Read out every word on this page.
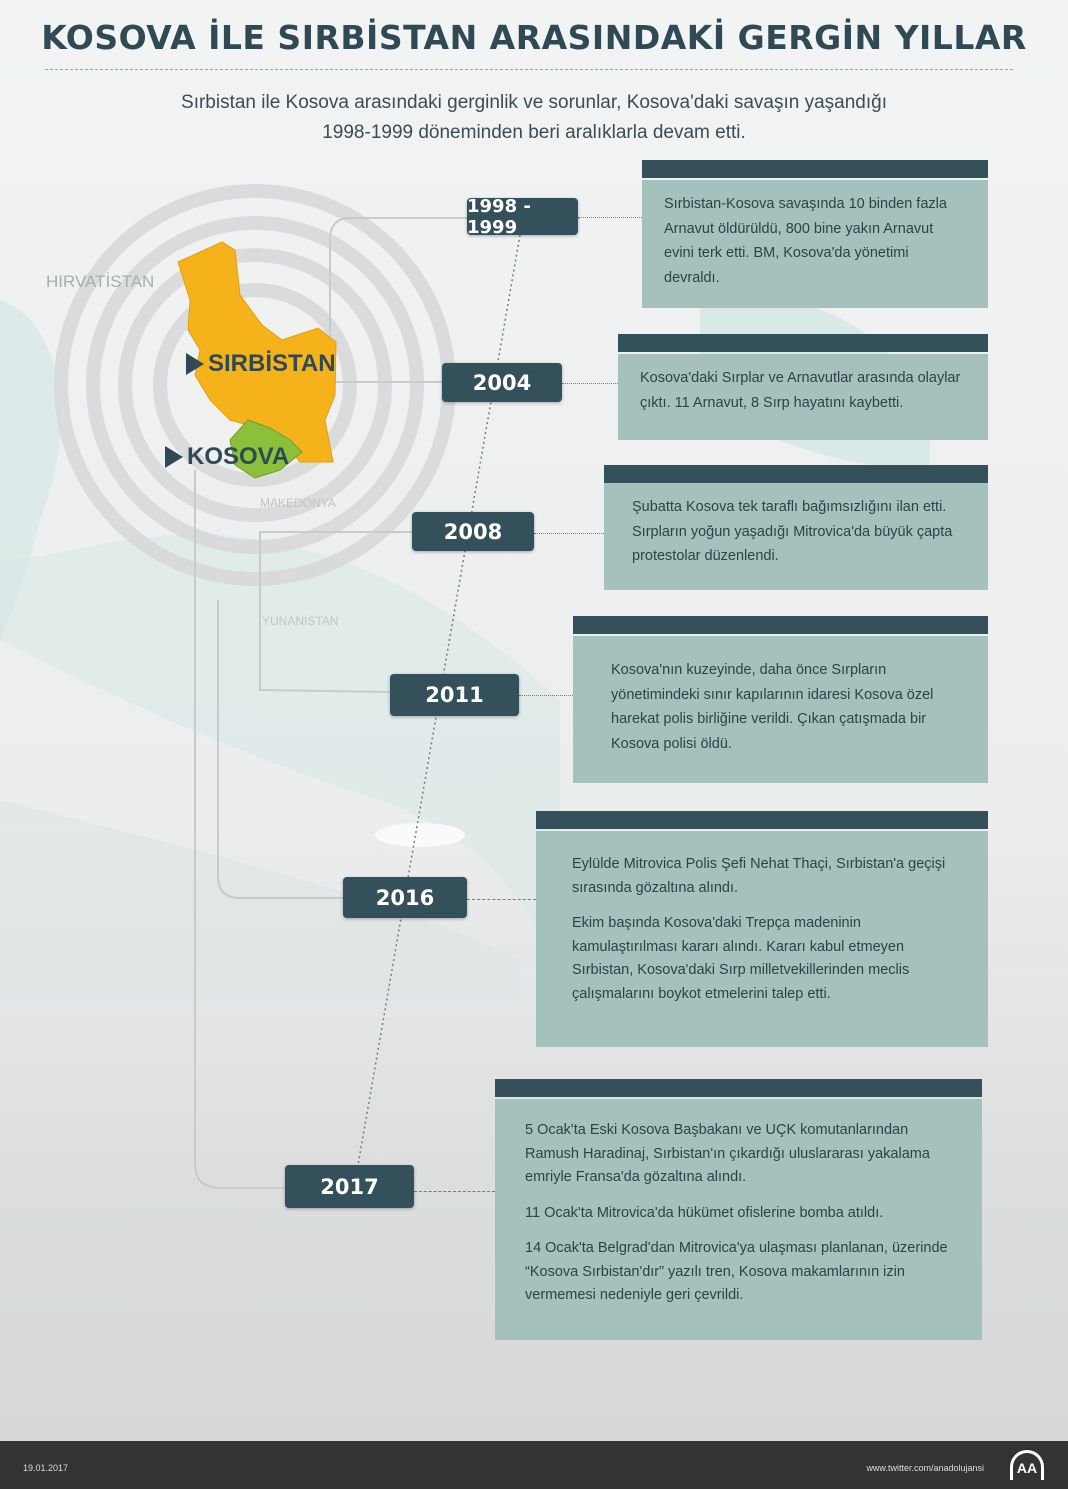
HIRVATİSTAN
MAKEDONYA
YUNANİSTAN
SIRBİSTAN
KOSOVA
KOSOVA İLE SIRBİSTAN ARASINDAKİ GERGİN YILLAR
Sırbistan ile Kosova arasındaki gerginlik ve sorunlar, Kosova'daki savaşın yaşandığı
1998-1999 döneminden beri aralıklarla devam etti.

Sırbistan-Kosova savaşında 10 binden fazla Arnavut öldürüldü, 800 bine yakın Arnavut evini terk etti. BM, Kosova'da yönetimi devraldı.

1998 - 1999

Kosova'daki Sırplar ve Arnavutlar arasında olaylar çıktı. 11 Arnavut, 8 Sırp hayatını kaybetti.

2004

Şubatta Kosova tek taraflı bağımsızlığını ilan etti. Sırpların yoğun yaşadığı Mitrovica'da büyük çapta protestolar düzenlendi.

2008

Kosova'nın kuzeyinde, daha önce Sırpların yönetimindeki sınır kapılarının idaresi Kosova özel harekat polis birliğine verildi. Çıkan çatışmada bir Kosova polisi öldü.

2011

Eylülde Mitrovica Polis Şefi Nehat Thaçi, Sırbistan'a geçişi sırasında gözaltına alındı.

Ekim başında Kosova'daki Trepça madeninin kamulaştırılması kararı alındı. Kararı kabul etmeyen Sırbistan, Kosova'daki Sırp milletvekillerinden meclis çalışmalarını boykot etmelerini talep etti.

2016

5 Ocak'ta Eski Kosova Başbakanı ve UÇK komutanlarından Ramush Haradinaj, Sırbistan'ın çıkardığı uluslararası yakalama emriyle Fransa'da gözaltına alındı.

11 Ocak'ta Mitrovica'da hükümet ofislerine bomba atıldı.

14 Ocak'ta Belgrad'dan Mitrovica'ya ulaşması planlanan, üzerinde “Kosova Sırbistan'dır” yazılı tren, Kosova makamlarının izin vermemesi nedeniyle geri çevrildi.

2017
19.01.2017	www.twitter.com/anadolujansi	AA
